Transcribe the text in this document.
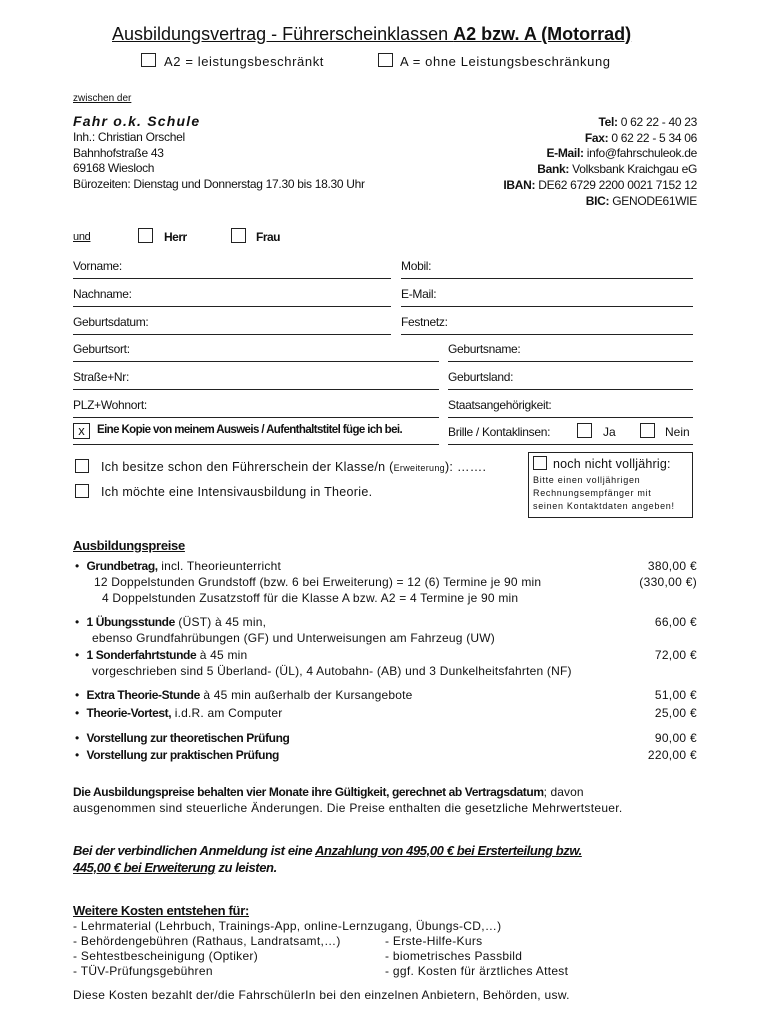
Ausbildungsvertrag - Führerscheinklassen A2 bzw. A (Motorrad)
A2 = leistungsbeschränkt	A = ohne Leistungsbeschränkung
zwischen der
Fahr o.k. Schule
Inh.: Christian Orschel
Bahnhofstraße 43
69168 Wiesloch
Bürozeiten: Dienstag und Donnerstag 17.30 bis 18.30 Uhr
Tel: 0 62 22 - 40 23
Fax: 0 62 22 - 5 34 06
E-Mail: info@fahrschuleok.de
Bank: Volksbank Kraichgau eG
IBAN: DE62 6729 2200 0021 7152 12
BIC: GENODE61WIE
und	Herr	Frau
Vorname:	Mobil:
Nachname:	E-Mail:
Geburtsdatum:	Festnetz:
Geburtsort:	Geburtsname:
Straße+Nr:	Geburtsland:
PLZ+Wohnort:	Staatsangehörigkeit:
x	Eine Kopie von meinem Ausweis / Aufenthaltstitel füge ich bei.	Brille / Kontaklinsen:	Ja	Nein
Ich besitze schon den Führerschein der Klasse/n (Erweiterung): …….
Ich möchte eine Intensivausbildung in Theorie.
noch nicht volljährig:
Bitte einen volljährigen
Rechnungsempfänger mit
seinen Kontaktdaten angeben!
Ausbildungspreise
• Grundbetrag, incl. Theorieunterricht	380,00 €
12 Doppelstunden Grundstoff (bzw. 6 bei Erweiterung) = 12 (6) Termine je 90 min	(330,00 €)
4 Doppelstunden Zusatzstoff für die Klasse A bzw. A2 = 4 Termine je 90 min
• 1 Übungsstunde (ÜST) à 45 min,	66,00 €
ebenso Grundfahrübungen (GF) und Unterweisungen am Fahrzeug (UW)
• 1 Sonderfahrtstunde à 45 min	72,00 €
vorgeschrieben sind 5 Überland- (ÜL), 4 Autobahn- (AB) und 3 Dunkelheitsfahrten (NF)
• Extra Theorie-Stunde à 45 min außerhalb der Kursangebote	51,00 €
• Theorie-Vortest, i.d.R. am Computer	25,00 €
• Vorstellung zur theoretischen Prüfung	90,00 €
• Vorstellung zur praktischen Prüfung	220,00 €
Die Ausbildungspreise behalten vier Monate ihre Gültigkeit, gerechnet ab Vertragsdatum; davon
ausgenommen sind steuerliche Änderungen. Die Preise enthalten die gesetzliche Mehrwertsteuer.
Bei der verbindlichen Anmeldung ist eine Anzahlung von 495,00 € bei Ersterteilung bzw.
445,00 € bei Erweiterung zu leisten.
Weitere Kosten entstehen für:
- Lehrmaterial (Lehrbuch, Trainings-App, online-Lernzugang, Übungs-CD,…)
- Behördengebühren (Rathaus, Landratsamt,…)	- Erste-Hilfe-Kurs
- Sehtestbescheinigung (Optiker)	- biometrisches Passbild
- TÜV-Prüfungsgebühren	- ggf. Kosten für ärztliches Attest
Diese Kosten bezahlt der/die FahrschülerIn bei den einzelnen Anbietern, Behörden, usw.
